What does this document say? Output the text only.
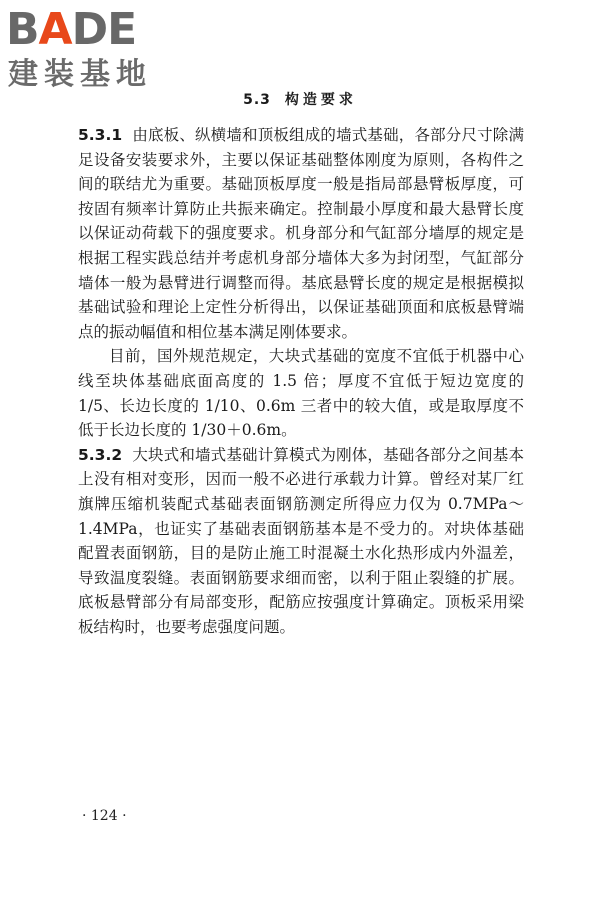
BADE
建装基地
5.3 构造要求

5.3.1 由底板、纵横墙和顶板组成的墙式基础，各部分尺寸除满足设备安装要求外，主要以保证基础整体刚度为原则，各构件之间的联结尤为重要。基础顶板厚度一般是指局部悬臂板厚度，可按固有频率计算防止共振来确定。控制最小厚度和最大悬臂长度以保证动荷载下的强度要求。机身部分和气缸部分墙厚的规定是根据工程实践总结并考虑机身部分墙体大多为封闭型，气缸部分墙体一般为悬臂进行调整而得。基底悬臂长度的规定是根据模拟基础试验和理论上定性分析得出，以保证基础顶面和底板悬臂端点的振动幅值和相位基本满足刚体要求。

目前，国外规范规定，大块式基础的宽度不宜低于机器中心线至块体基础底面高度的 1.5 倍；厚度不宜低于短边宽度的 1/5、长边长度的 1/10、0.6m 三者中的较大值，或是取厚度不低于长边长度的 1/30＋0.6m。

5.3.2 大块式和墙式基础计算模式为刚体，基础各部分之间基本上没有相对变形，因而一般不必进行承载力计算。曾经对某厂红旗牌压缩机装配式基础表面钢筋测定所得应力仅为 0.7MPa～1.4MPa，也证实了基础表面钢筋基本是不受力的。对块体基础配置表面钢筋，目的是防止施工时混凝土水化热形成内外温差，导致温度裂缝。表面钢筋要求细而密，以利于阻止裂缝的扩展。底板悬臂部分有局部变形，配筋应按强度计算确定。顶板采用梁板结构时，也要考虑强度问题。

· 124 ·
